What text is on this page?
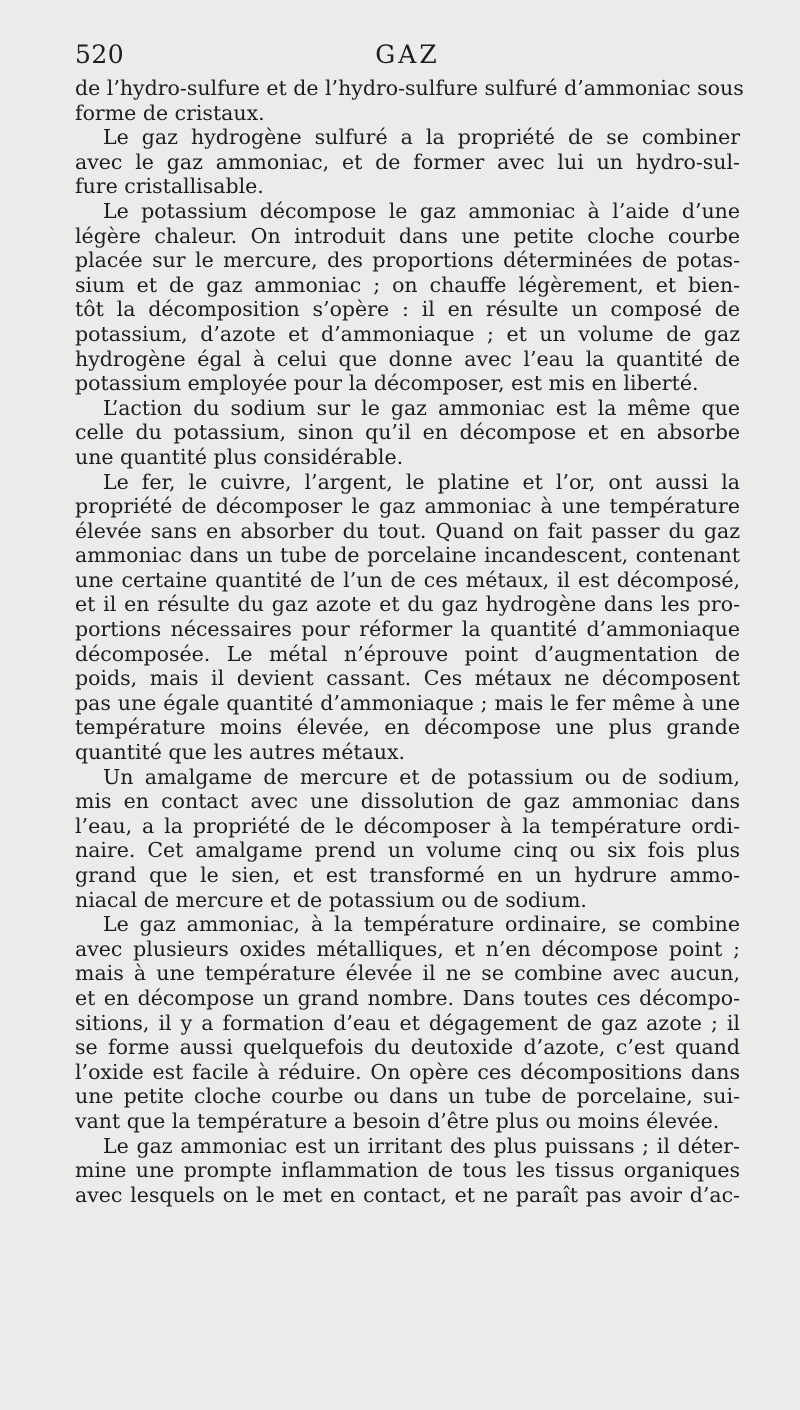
520	GAZ
de l’hydro-sulfure et de l’hydro-sulfure sulfuré d’ammoniac sous
forme de cristaux.
Le gaz hydrogène sulfuré a la propriété de se combiner
avec le gaz ammoniac, et de former avec lui un hydro-sul-
fure cristallisable.
Le potassium décompose le gaz ammoniac à l’aide d’une
légère chaleur. On introduit dans une petite cloche courbe
placée sur le mercure, des proportions déterminées de potas-
sium et de gaz ammoniac ; on chauffe légèrement, et bien-
tôt la décomposition s’opère : il en résulte un composé de
potassium, d’azote et d’ammoniaque ; et un volume de gaz
hydrogène égal à celui que donne avec l’eau la quantité de
potassium employée pour la décomposer, est mis en liberté.
L’action du sodium sur le gaz ammoniac est la même que
celle du potassium, sinon qu’il en décompose et en absorbe
une quantité plus considérable.
Le fer, le cuivre, l’argent, le platine et l’or, ont aussi la
propriété de décomposer le gaz ammoniac à une température
élevée sans en absorber du tout. Quand on fait passer du gaz
ammoniac dans un tube de porcelaine incandescent, contenant
une certaine quantité de l’un de ces métaux, il est décomposé,
et il en résulte du gaz azote et du gaz hydrogène dans les pro-
portions nécessaires pour réformer la quantité d’ammoniaque
décomposée. Le métal n’éprouve point d’augmentation de
poids, mais il devient cassant. Ces métaux ne décomposent
pas une égale quantité d’ammoniaque ; mais le fer même à une
température moins élevée, en décompose une plus grande
quantité que les autres métaux.
Un amalgame de mercure et de potassium ou de sodium,
mis en contact avec une dissolution de gaz ammoniac dans
l’eau, a la propriété de le décomposer à la température ordi-
naire. Cet amalgame prend un volume cinq ou six fois plus
grand que le sien, et est transformé en un hydrure ammo-
niacal de mercure et de potassium ou de sodium.
Le gaz ammoniac, à la température ordinaire, se combine
avec plusieurs oxides métalliques, et n’en décompose point ;
mais à une température élevée il ne se combine avec aucun,
et en décompose un grand nombre. Dans toutes ces décompo-
sitions, il y a formation d’eau et dégagement de gaz azote ; il
se forme aussi quelquefois du deutoxide d’azote, c’est quand
l’oxide est facile à réduire. On opère ces décompositions dans
une petite cloche courbe ou dans un tube de porcelaine, sui-
vant que la température a besoin d’être plus ou moins élevée.
Le gaz ammoniac est un irritant des plus puissans ; il déter-
mine une prompte inflammation de tous les tissus organiques
avec lesquels on le met en contact, et ne paraît pas avoir d’ac-
